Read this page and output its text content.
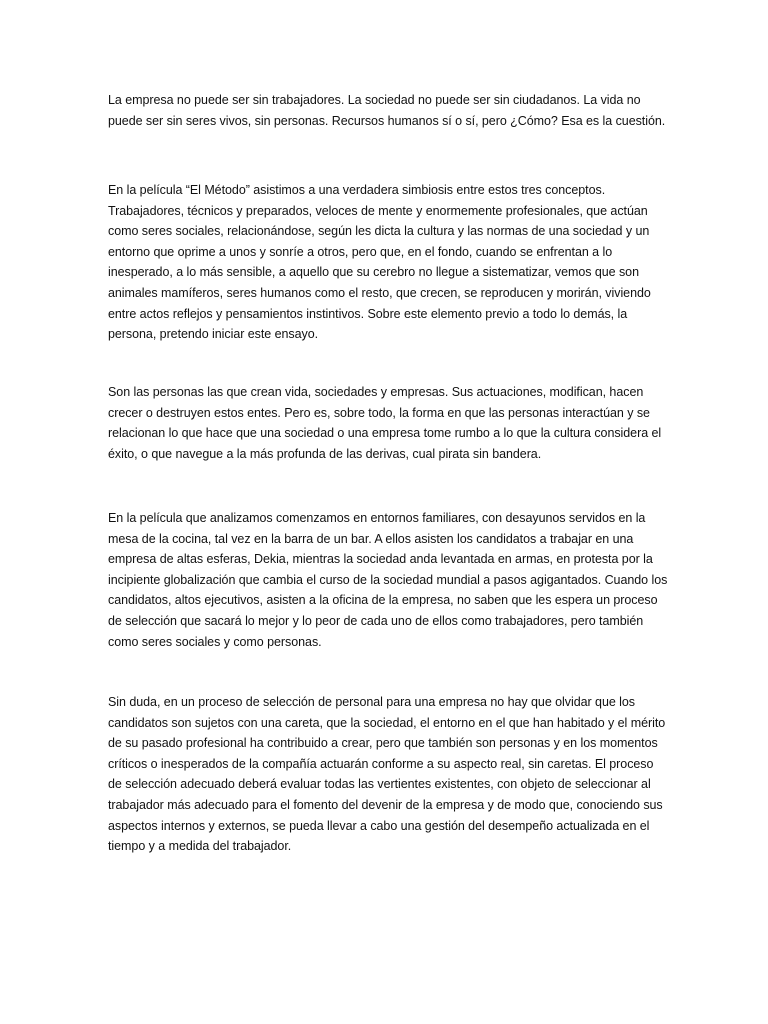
La empresa no puede ser sin trabajadores. La sociedad no puede ser sin ciudadanos. La vida no puede ser sin seres vivos, sin personas. Recursos humanos sí o sí, pero ¿Cómo? Esa es la cuestión.

En la película “El Método” asistimos a una verdadera simbiosis entre estos tres conceptos. Trabajadores, técnicos y preparados, veloces de mente y enormemente profesionales, que actúan como seres sociales, relacionándose, según les dicta la cultura y las normas de una sociedad y un entorno que oprime a unos y sonríe a otros, pero que, en el fondo, cuando se enfrentan a lo inesperado, a lo más sensible, a aquello que su cerebro no llegue a sistematizar, vemos que son animales mamíferos, seres humanos como el resto, que crecen, se reproducen y morirán, viviendo entre actos reflejos y pensamientos instintivos. Sobre este elemento previo a todo lo demás, la persona, pretendo iniciar este ensayo.

Son las personas las que crean vida, sociedades y empresas. Sus actuaciones, modifican, hacen crecer o destruyen estos entes. Pero es, sobre todo, la forma en que las personas interactúan y se relacionan lo que hace que una sociedad o una empresa tome rumbo a lo que la cultura considera el éxito, o que navegue a la más profunda de las derivas, cual pirata sin bandera.

En la película que analizamos comenzamos en entornos familiares, con desayunos servidos en la mesa de la cocina, tal vez en la barra de un bar. A ellos asisten los candidatos a trabajar en una empresa de altas esferas, Dekia, mientras la sociedad anda levantada en armas, en protesta por la incipiente globalización que cambia el curso de la sociedad mundial a pasos agigantados. Cuando los candidatos, altos ejecutivos, asisten a la oficina de la empresa, no saben que les espera un proceso de selección que sacará lo mejor y lo peor de cada uno de ellos como trabajadores, pero también como seres sociales y como personas.

Sin duda, en un proceso de selección de personal para una empresa no hay que olvidar que los candidatos son sujetos con una careta, que la sociedad, el entorno en el que han habitado y el mérito de su pasado profesional ha contribuido a crear, pero que también son personas y en los momentos críticos o inesperados de la compañía actuarán conforme a su aspecto real, sin caretas. El proceso de selección adecuado deberá evaluar todas las vertientes existentes, con objeto de seleccionar al trabajador más adecuado para el fomento del devenir de la empresa y de modo que, conociendo sus aspectos internos y externos, se pueda llevar a cabo una gestión del desempeño actualizada en el tiempo y a medida del trabajador.
